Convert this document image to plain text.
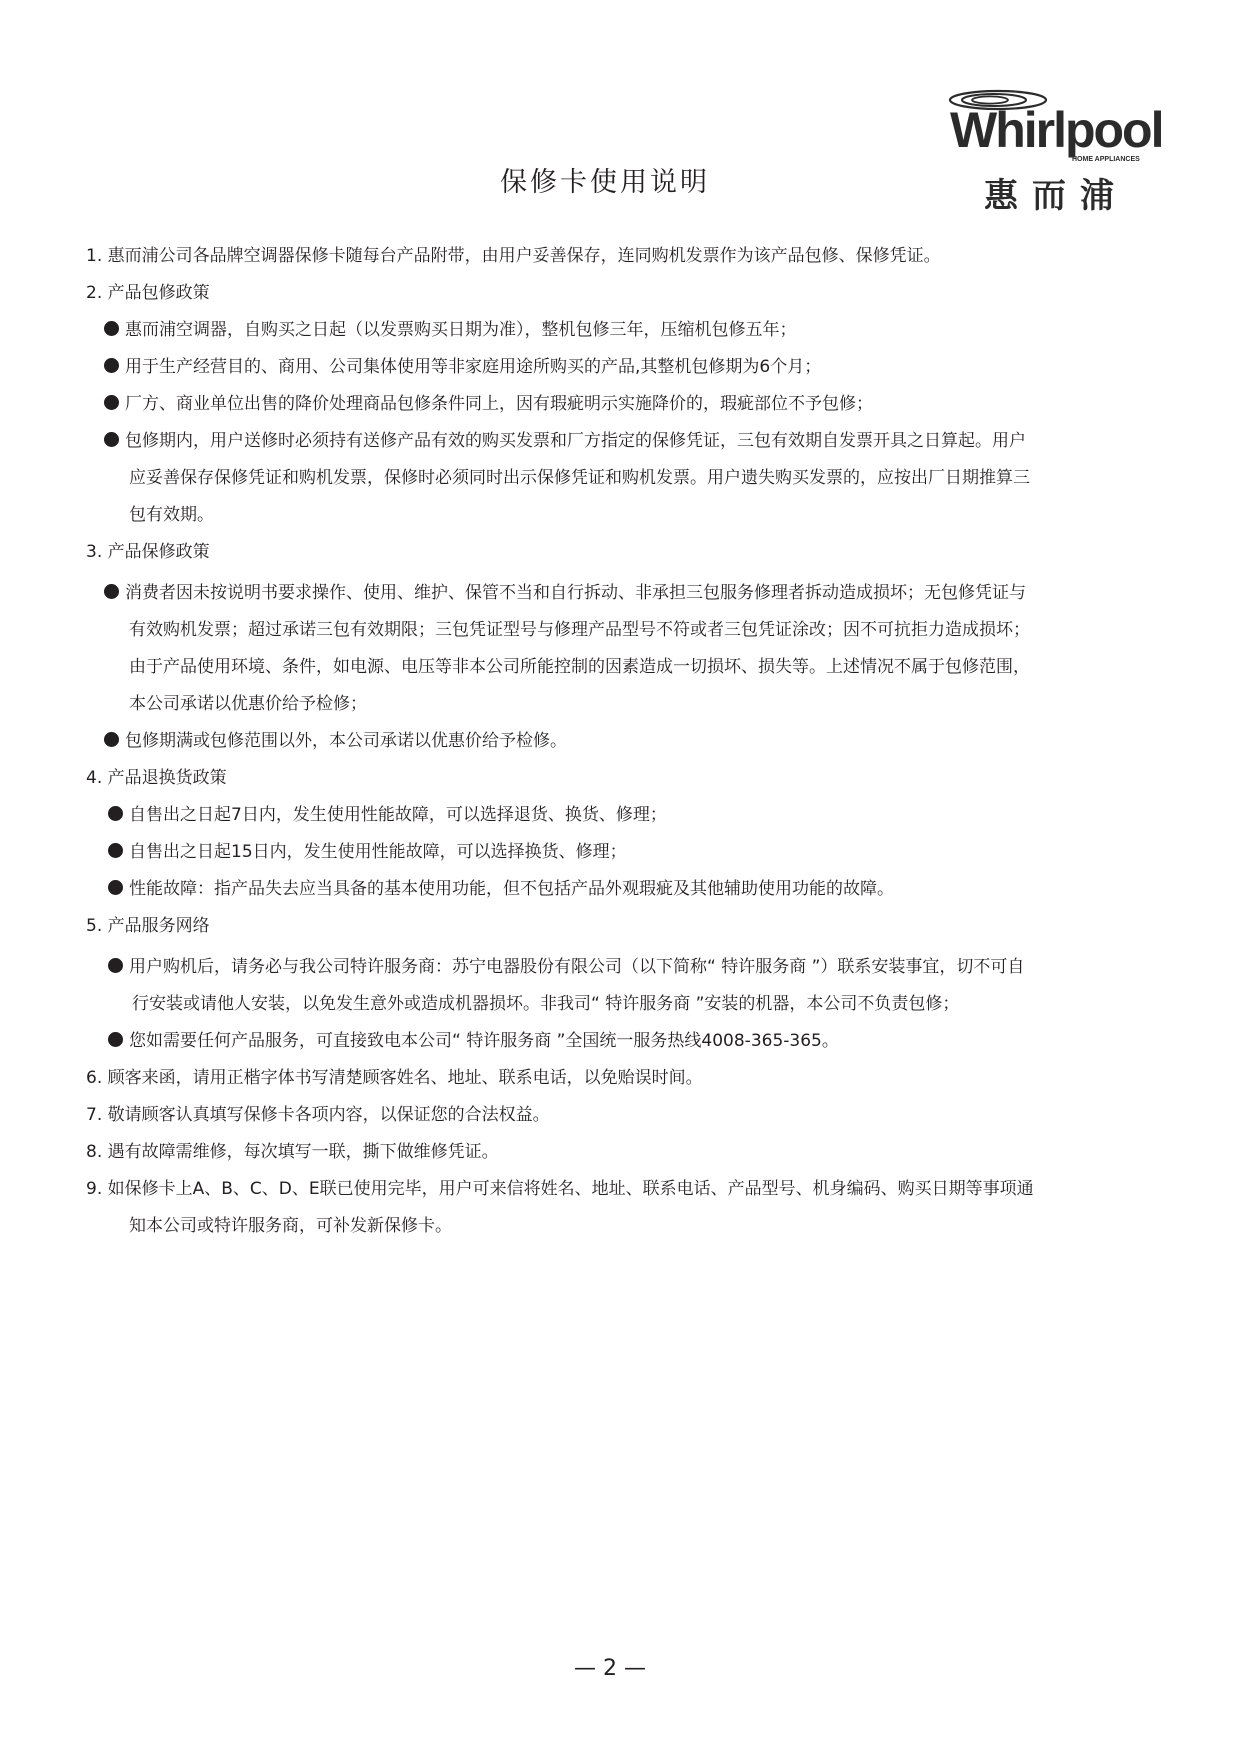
Whirlpool
HOME APPLIANCES
惠而浦
保修卡使用说明
1. 惠而浦公司各品牌空调器保修卡随每台产品附带，由用户妥善保存，连同购机发票作为该产品包修、保修凭证。
2. 产品包修政策
惠而浦空调器，自购买之日起（以发票购买日期为准），整机包修三年，压缩机包修五年；
用于生产经营目的、商用、公司集体使用等非家庭用途所购买的产品,其整机包修期为6个月；
厂方、商业单位出售的降价处理商品包修条件同上，因有瑕疵明示实施降价的，瑕疵部位不予包修；
包修期内，用户送修时必须持有送修产品有效的购买发票和厂方指定的保修凭证，三包有效期自发票开具之日算起。用户
应妥善保存保修凭证和购机发票，保修时必须同时出示保修凭证和购机发票。用户遗失购买发票的，应按出厂日期推算三
包有效期。
3. 产品保修政策
消费者因未按说明书要求操作、使用、维护、保管不当和自行拆动、非承担三包服务修理者拆动造成损坏；无包修凭证与
有效购机发票；超过承诺三包有效期限；三包凭证型号与修理产品型号不符或者三包凭证涂改；因不可抗拒力造成损坏；
由于产品使用环境、条件，如电源、电压等非本公司所能控制的因素造成一切损坏、损失等。上述情况不属于包修范围，
本公司承诺以优惠价给予检修；
包修期满或包修范围以外，本公司承诺以优惠价给予检修。
4. 产品退换货政策
自售出之日起7日内，发生使用性能故障，可以选择退货、换货、修理；
自售出之日起15日内，发生使用性能故障，可以选择换货、修理；
性能故障：指产品失去应当具备的基本使用功能，但不包括产品外观瑕疵及其他辅助使用功能的故障。
5. 产品服务网络
用户购机后，请务必与我公司特许服务商：苏宁电器股份有限公司（以下简称“ 特许服务商 ”）联系安装事宜，切不可自
行安装或请他人安装，以免发生意外或造成机器损坏。非我司“ 特许服务商 ”安装的机器，本公司不负责包修；
您如需要任何产品服务，可直接致电本公司“ 特许服务商 ”全国统一服务热线4008-365-365。
6. 顾客来函，请用正楷字体书写清楚顾客姓名、地址、联系电话，以免贻误时间。
7. 敬请顾客认真填写保修卡各项内容，以保证您的合法权益。
8. 遇有故障需维修，每次填写一联，撕下做维修凭证。
9. 如保修卡上A、B、C、D、E联已使用完毕，用户可来信将姓名、地址、联系电话、产品型号、机身编码、购买日期等事项通
知本公司或特许服务商，可补发新保修卡。
— 2 —
